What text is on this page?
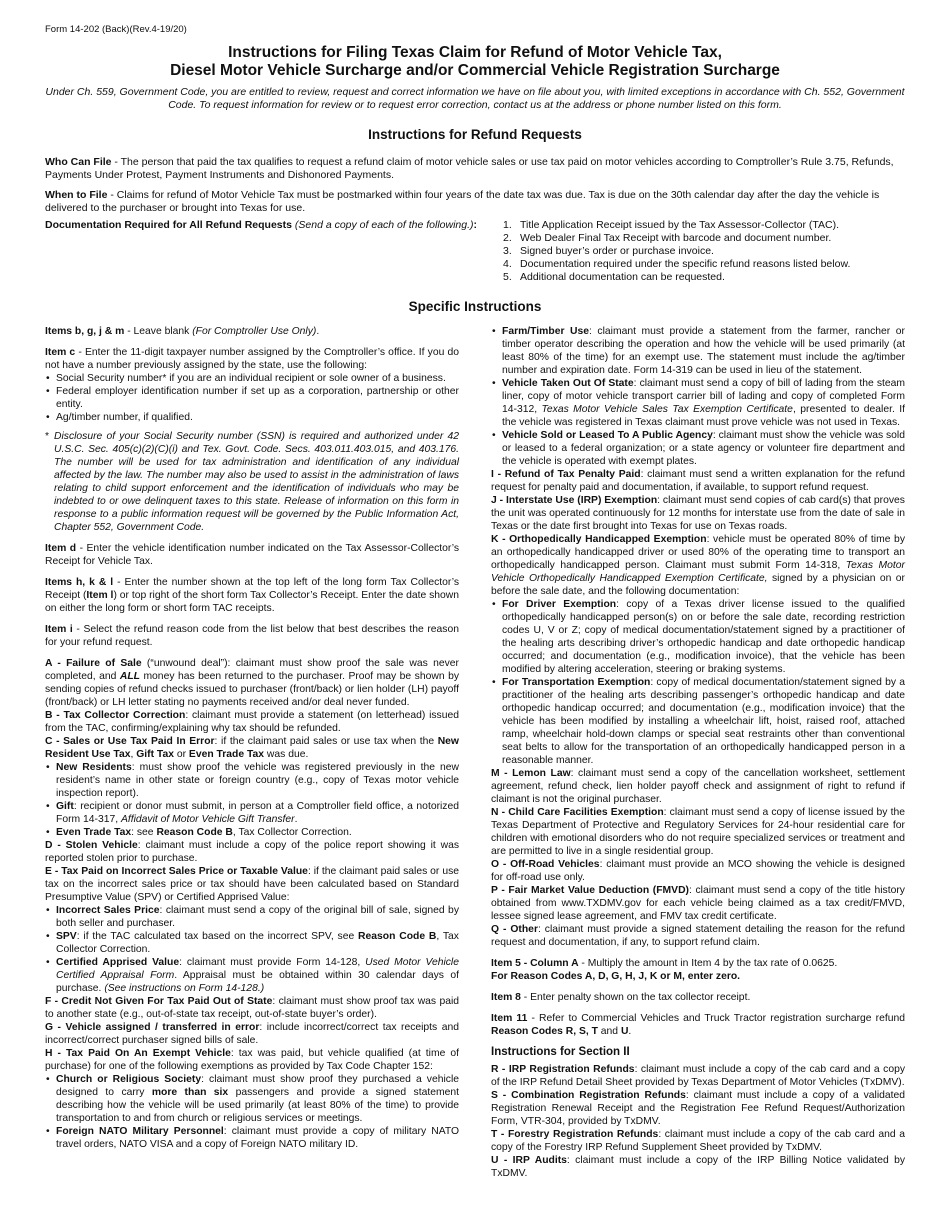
Form 14-202 (Back)(Rev.4-19/20)

Instructions for Filing Texas Claim for Refund of Motor Vehicle Tax,

Diesel Motor Vehicle Surcharge and/or Commercial Vehicle Registration Surcharge

Under Ch. 559, Government Code, you are entitled to review, request and correct information we have on file about you, with limited exceptions in accordance with Ch. 552, Government Code. To request information for review or to request error correction, contact us at the address or phone number listed on this form.

Instructions for Refund Requests

Who Can File - The person that paid the tax qualifies to request a refund claim of motor vehicle sales or use tax paid on motor vehicles according to Comptroller’s Rule 3.75, Refunds, Payments Under Protest, Payment Instruments and Dishonored Payments.

When to File - Claims for refund of Motor Vehicle Tax must be postmarked within four years of the date tax was due. Tax is due on the 30th calendar day after the day the vehicle is delivered to the purchaser or brought into Texas for use.

Documentation Required for All Refund Requests (Send a copy of each of the following.):	1. Title Application Receipt issued by the Tax Assessor-Collector (TAC).
2. Web Dealer Final Tax Receipt with barcode and document number.
3. Signed buyer’s order or purchase invoice.
4. Documentation required under the specific refund reasons listed below.
5. Additional documentation can be requested.
Specific Instructions

Items b, g, j & m - Leave blank (For Comptroller Use Only).

Item c - Enter the 11-digit taxpayer number assigned by the Comptroller’s office. If you do not have a number previously assigned by the state, use the following:

• Social Security number* if you are an individual recipient or sole owner of a business.
• Federal employer identification number if set up as a corporation, partnership or other entity.
• Ag/timber number, if qualified.

* Disclosure of your Social Security number (SSN) is required and authorized under 42 U.S.C. Sec. 405(c)(2)(C)(i) and Tex. Govt. Code. Secs. 403.011.403.015, and 403.176. The number will be used for tax administration and identification of any individual affected by the law. The number may also be used to assist in the administration of laws relating to child support enforcement and the identification of individuals who may be indebted to or owe delinquent taxes to this state. Release of information on this form in response to a public information request will be governed by the Public Information Act, Chapter 552, Government Code.

Item d - Enter the vehicle identification number indicated on the Tax Assessor-Collector’s Receipt for Vehicle Tax.

Items h, k & l - Enter the number shown at the top left of the long form Tax Collector’s Receipt (Item l) or top right of the short form Tax Collector’s Receipt. Enter the date shown on either the long form or short form TAC receipts.

Item i - Select the refund reason code from the list below that best describes the reason for your refund request.

A - Failure of Sale (“unwound deal”): claimant must show proof the sale was never completed, and ALL money has been returned to the purchaser. Proof may be shown by sending copies of refund checks issued to purchaser (front/back) or lien holder (LH) payoff (front/back) or LH letter stating no payments received and/or deal never funded.

B - Tax Collector Correction: claimant must provide a statement (on letterhead) issued from the TAC, confirming/explaining why tax should be refunded.

C - Sales or Use Tax Paid In Error: if the claimant paid sales or use tax when the New Resident Use Tax, Gift Tax or Even Trade Tax was due.

• New Residents: must show proof the vehicle was registered previously in the new resident’s name in other state or foreign country (e.g., copy of Texas motor vehicle inspection report).
• Gift: recipient or donor must submit, in person at a Comptroller field office, a notorized Form 14-317, Affidavit of Motor Vehicle Gift Transfer.
• Even Trade Tax: see Reason Code B, Tax Collector Correction.

D - Stolen Vehicle: claimant must include a copy of the police report showing it was reported stolen prior to purchase.

E - Tax Paid on Incorrect Sales Price or Taxable Value: if the claimant paid sales or use tax on the incorrect sales price or tax should have been calculated based on Standard Presumptive Value (SPV) or Certified Apprised Value:

• Incorrect Sales Price: claimant must send a copy of the original bill of sale, signed by both seller and purchaser.
• SPV: if the TAC calculated tax based on the incorrect SPV, see Reason Code B, Tax Collector Correction.
• Certified Apprised Value: claimant must provide Form 14-128, Used Motor Vehicle Certified Appraisal Form. Appraisal must be obtained within 30 calendar days of purchase. (See instructions on Form 14-128.)

F - Credit Not Given For Tax Paid Out of State: claimant must show proof tax was paid to another state (e.g., out-of-state tax receipt, out-of-state buyer’s order).

G - Vehicle assigned / transferred in error: include incorrect/correct tax receipts and incorrect/correct purchaser signed bills of sale.

H - Tax Paid On An Exempt Vehicle: tax was paid, but vehicle qualified (at time of purchase) for one of the following exemptions as provided by Tax Code Chapter 152:

• Church or Religious Society: claimant must show proof they purchased a vehicle designed to carry more than six passengers and provide a signed statement describing how the vehicle will be used primarily (at least 80% of the time) to provide transportation to and from church or religious services or meetings.
• Foreign NATO Military Personnel: claimant must provide a copy of military NATO travel orders, NATO VISA and a copy of Foreign NATO military ID.
• Farm/Timber Use: claimant must provide a statement from the farmer, rancher or timber operator describing the operation and how the vehicle will be used primarily (at least 80% of the time) for an exempt use. The statement must include the ag/timber number and expiration date. Form 14-319 can be used in lieu of the statement.
• Vehicle Taken Out Of State: claimant must send a copy of bill of lading from the steam liner, copy of motor vehicle transport carrier bill of lading and copy of completed Form 14-312, Texas Motor Vehicle Sales Tax Exemption Certificate, presented to dealer. If the vehicle was registered in Texas claimant must prove vehicle was not used in Texas.
• Vehicle Sold or Leased To A Public Agency: claimant must show the vehicle was sold or leased to a federal organization; or a state agency or volunteer fire department and the vehicle is operated with exempt plates.

I - Refund of Tax Penalty Paid: claimant must send a written explanation for the refund request for penalty paid and documentation, if available, to support refund request.

J - Interstate Use (IRP) Exemption: claimant must send copies of cab card(s) that proves the unit was operated continuously for 12 months for interstate use from the date of sale in Texas or the date first brought into Texas for use on Texas roads.

K - Orthopedically Handicapped Exemption: vehicle must be operated 80% of time by an orthopedically handicapped driver or used 80% of the operating time to transport an orthopedically handicapped person. Claimant must submit Form 14-318, Texas Motor Vehicle Orthopedically Handicapped Exemption Certificate, signed by a physician on or before the sale date, and the following documentation:

• For Driver Exemption: copy of a Texas driver license issued to the qualified orthopedically handicapped person(s) on or before the sale date, recording restriction codes U, V or Z; copy of medical documentation/statement signed by a practitioner of the healing arts describing driver’s orthopedic handicap and date orthopedic handicap occurred; and documentation (e.g., modification invoice), that the vehicle has been modified by altering acceleration, steering or braking systems.
• For Transportation Exemption: copy of medical documentation/statement signed by a practitioner of the healing arts describing passenger’s orthopedic handicap and date orthopedic handicap occurred; and documentation (e.g., modification invoice) that the vehicle has been modified by installing a wheelchair lift, hoist, raised roof, attached ramp, wheelchair hold-down clamps or special seat restraints other than conventional seat belts to allow for the transportation of an orthopedically handicapped person in a reasonable manner.

M - Lemon Law: claimant must send a copy of the cancellation worksheet, settlement agreement, refund check, lien holder payoff check and assignment of right to refund if claimant is not the original purchaser.

N - Child Care Facilities Exemption: claimant must send a copy of license issued by the Texas Department of Protective and Regulatory Services for 24-hour residential care for children with emotional disorders who do not require specialized services or treatment and are permitted to live in a single residential group.

O - Off-Road Vehicles: claimant must provide an MCO showing the vehicle is designed for off-road use only.

P - Fair Market Value Deduction (FMVD): claimant must send a copy of the title history obtained from www.TXDMV.gov for each vehicle being claimed as a tax credit/FMVD, lessee signed lease agreement, and FMV tax credit certificate.

Q - Other: claimant must provide a signed statement detailing the reason for the refund request and documentation, if any, to support refund claim.

Item 5 - Column A - Multiply the amount in Item 4 by the tax rate of 0.0625.
For Reason Codes A, D, G, H, J, K or M, enter zero.

Item 8 - Enter penalty shown on the tax collector receipt.

Item 11 - Refer to Commercial Vehicles and Truck Tractor registration surcharge refund Reason Codes R, S, T and U.

Instructions for Section II

R - IRP Registration Refunds: claimant must include a copy of the cab card and a copy of the IRP Refund Detail Sheet provided by Texas Department of Motor Vehicles (TxDMV).

S - Combination Registration Refunds: claimant must include a copy of a validated Registration Renewal Receipt and the Registration Fee Refund Request/Authorization Form, VTR-304, provided by TxDMV.

T - Forestry Registration Refunds: claimant must include a copy of the cab card and a copy of the Forestry IRP Refund Supplement Sheet provided by TxDMV.

U - IRP Audits: claimant must include a copy of the IRP Billing Notice validated by TxDMV.
